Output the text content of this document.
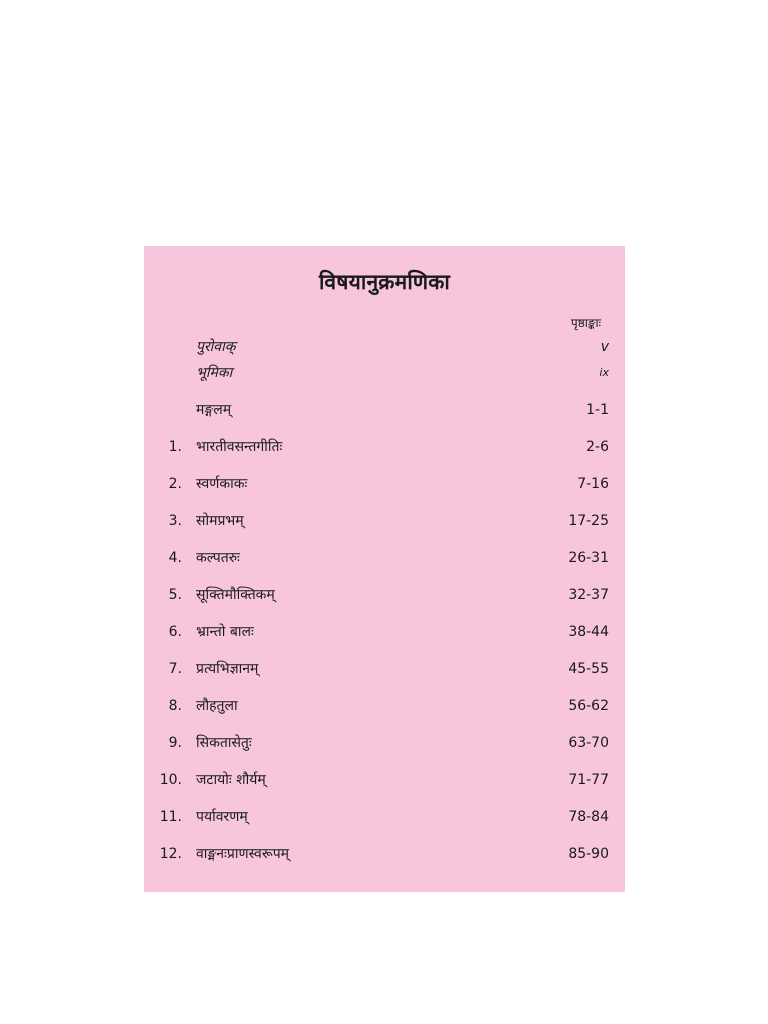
विषयानुक्रमणिका
पृष्ठाङ्काः
पुरोवाक्	v
भूमिका	ix
मङ्गलम्	1-1
1. भारतीवसन्तगीतिः	2-6
2. स्वर्णकाकः	7-16
3. सोमप्रभम्	17-25
4. कल्पतरुः	26-31
5. सूक्तिमौक्तिकम्	32-37
6. भ्रान्तो बालः	38-44
7. प्रत्यभिज्ञानम्	45-55
8. लौहतुला	56-62
9. सिकतासेतुः	63-70
10. जटायोः शौर्यम्	71-77
11. पर्यावरणम्	78-84
12. वाङ्मनःप्राणस्वरूपम्	85-90
